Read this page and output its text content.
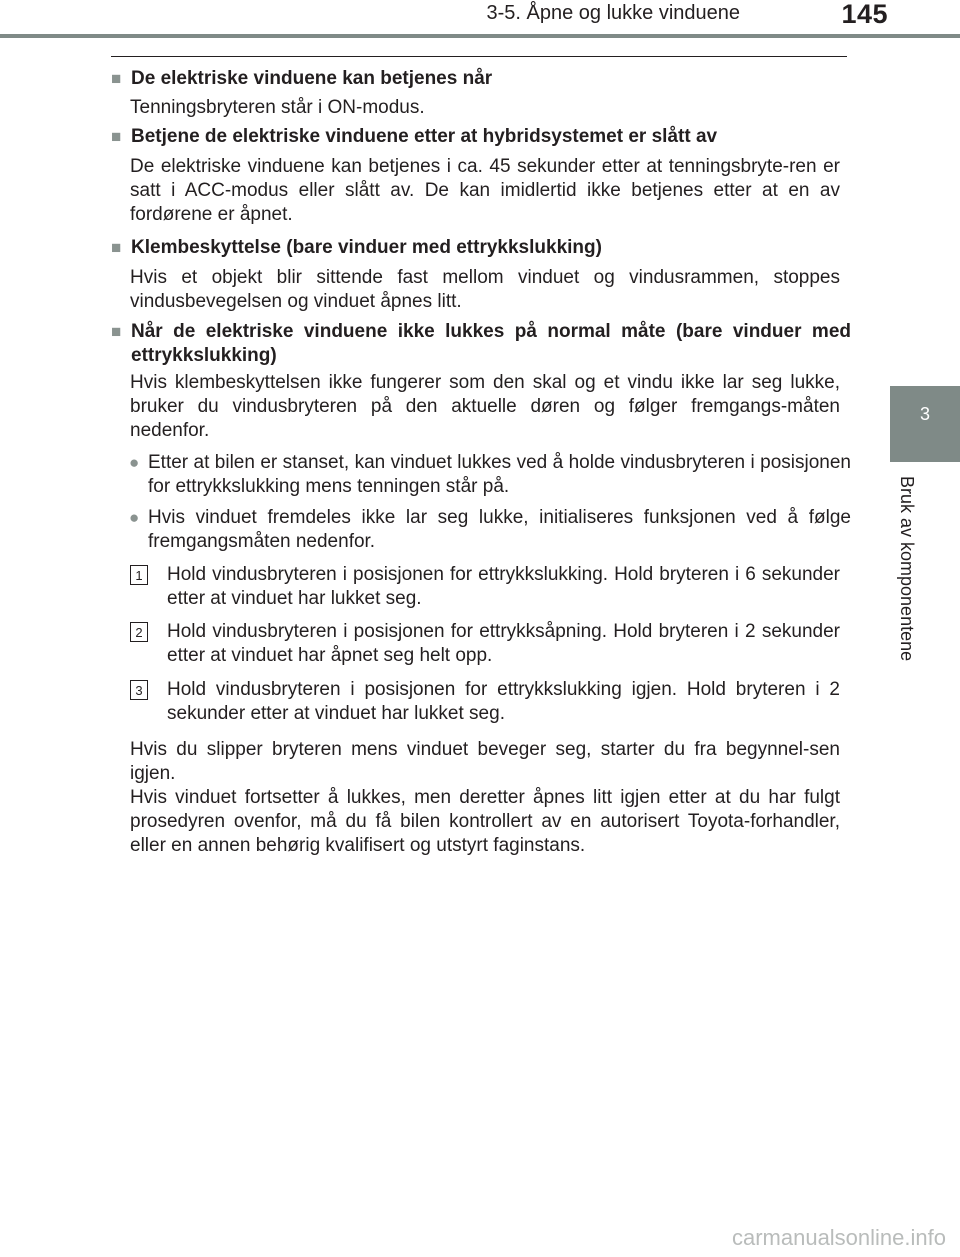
3-5. Åpne og lukke vinduene	145
3
Bruk av komponentene
■ De elektriske vinduene kan betjenes når
Tenningsbryteren står i ON-modus.
■ Betjene de elektriske vinduene etter at hybridsystemet er slått av
De elektriske vinduene kan betjenes i ca. 45 sekunder etter at tenningsbryte-ren er satt i ACC-modus eller slått av. De kan imidlertid ikke betjenes etter at en av fordørene er åpnet.
■ Klembeskyttelse (bare vinduer med ettrykkslukking)
Hvis et objekt blir sittende fast mellom vinduet og vindusrammen, stoppes vindusbevegelsen og vinduet åpnes litt.
■ Når de elektriske vinduene ikke lukkes på normal måte (bare vinduer med ettrykkslukking)
Hvis klembeskyttelsen ikke fungerer som den skal og et vindu ikke lar seg lukke, bruker du vindusbryteren på den aktuelle døren og følger fremgangs-måten nedenfor.
● Etter at bilen er stanset, kan vinduet lukkes ved å holde vindusbryteren i posisjonen for ettrykkslukking mens tenningen står på.
● Hvis vinduet fremdeles ikke lar seg lukke, initialiseres funksjonen ved å følge fremgangsmåten nedenfor.
1 Hold vindusbryteren i posisjonen for ettrykkslukking. Hold bryteren i 6 sekunder etter at vinduet har lukket seg.
2 Hold vindusbryteren i posisjonen for ettrykksåpning. Hold bryteren i 2 sekunder etter at vinduet har åpnet seg helt opp.
3 Hold vindusbryteren i posisjonen for ettrykkslukking igjen. Hold bryteren i 2 sekunder etter at vinduet har lukket seg.
Hvis du slipper bryteren mens vinduet beveger seg, starter du fra begynnel-sen igjen.
Hvis vinduet fortsetter å lukkes, men deretter åpnes litt igjen etter at du har fulgt prosedyren ovenfor, må du få bilen kontrollert av en autorisert Toyota-forhandler, eller en annen behørig kvalifisert og utstyrt faginstans.
carmanualsonline.info
